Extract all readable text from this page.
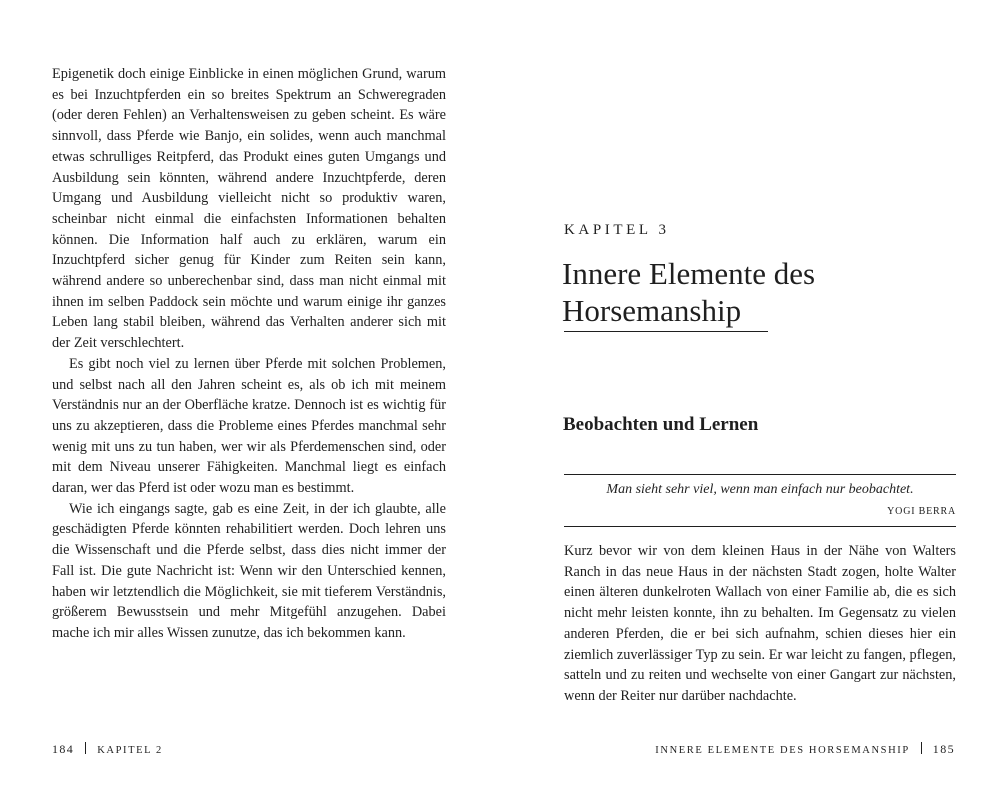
Epigenetik doch einige Einblicke in einen möglichen Grund, warum es bei Inzuchtpferden ein so breites Spektrum an Schweregraden (oder deren Fehlen) an Verhaltensweisen zu geben scheint. Es wäre sinnvoll, dass Pferde wie Banjo, ein solides, wenn auch manchmal etwas schrulliges Reitpferd, das Produkt eines guten Umgangs und Ausbildung sein könnten, während andere Inzuchtpferde, deren Umgang und Ausbildung vielleicht nicht so produktiv waren, scheinbar nicht einmal die einfachsten Informationen behalten können. Die Information half auch zu erklären, warum ein Inzuchtpferd sicher genug für Kinder zum Reiten sein kann, während andere so unberechenbar sind, dass man nicht einmal mit ihnen im selben Paddock sein möchte und warum einige ihr ganzes Leben lang stabil bleiben, während das Verhalten anderer sich mit der Zeit verschlechtert.

Es gibt noch viel zu lernen über Pferde mit solchen Problemen, und selbst nach all den Jahren scheint es, als ob ich mit meinem Verständnis nur an der Oberfläche kratze. Dennoch ist es wichtig für uns zu akzeptieren, dass die Probleme eines Pferdes manchmal sehr wenig mit uns zu tun haben, wer wir als Pferdemenschen sind, oder mit dem Niveau unserer Fähigkeiten. Manchmal liegt es einfach daran, wer das Pferd ist oder wozu man es bestimmt.

Wie ich eingangs sagte, gab es eine Zeit, in der ich glaubte, alle geschädigten Pferde könnten rehabilitiert werden. Doch lehren uns die Wissenschaft und die Pferde selbst, dass dies nicht immer der Fall ist. Die gute Nachricht ist: Wenn wir den Unterschied kennen, haben wir letztendlich die Möglichkeit, sie mit tieferem Verständnis, größerem Bewusstsein und mehr Mitgefühl anzugehen. Dabei mache ich mir alles Wissen zunutze, das ich bekommen kann.

184 KAPITEL 2
KAPITEL 3
Innere Elemente des Horsemanship
Beobachten und Lernen
Man sieht sehr viel, wenn man einfach nur beobachtet.
YOGI BERRA

Kurz bevor wir von dem kleinen Haus in der Nähe von Walters Ranch in das neue Haus in der nächsten Stadt zogen, holte Walter einen älteren dunkelroten Wallach von einer Familie ab, die es sich nicht mehr leisten konnte, ihn zu behalten. Im Gegensatz zu vielen anderen Pferden, die er bei sich aufnahm, schien dieses hier ein ziemlich zuverlässiger Typ zu sein. Er war leicht zu fangen, pflegen, satteln und zu reiten und wechselte von einer Gangart zur nächsten, wenn der Reiter nur darüber nachdachte.

INNERE ELEMENTE DES HORSEMANSHIP 185
